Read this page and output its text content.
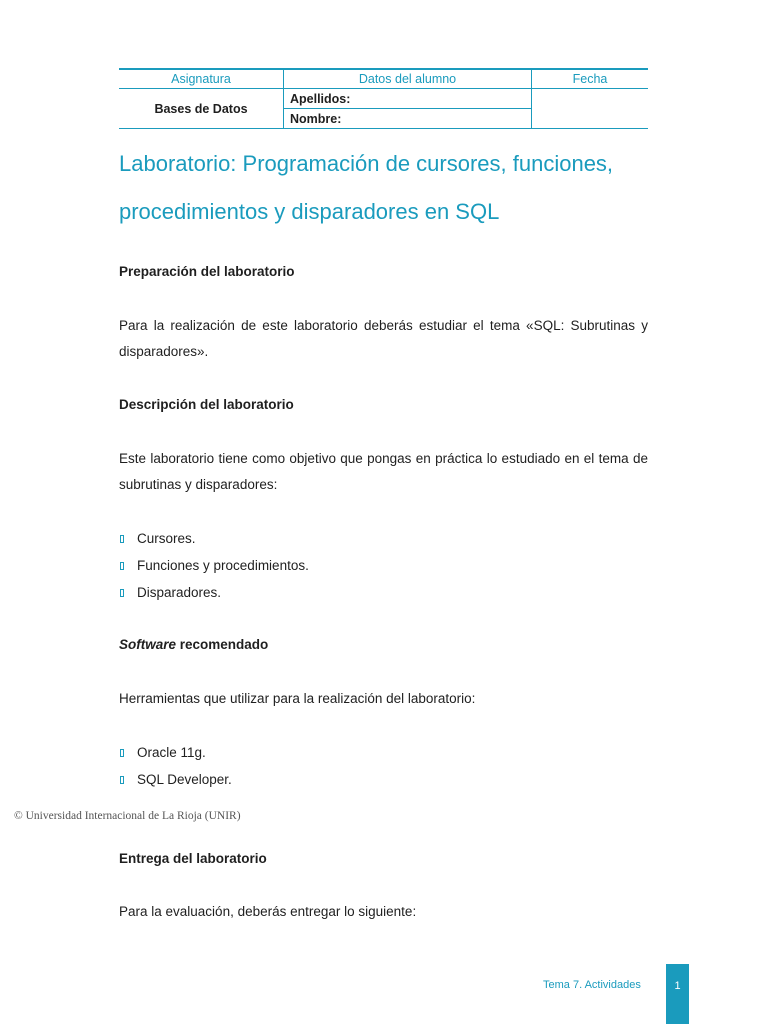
Asignatura	Datos del alumno	Fecha
Bases de Datos	Apellidos:	
	Nombre:	
Laboratorio: Programación de cursores, funciones,
procedimientos y disparadores en SQL
Preparación del laboratorio

Para la realización de este laboratorio deberás estudiar el tema «SQL: Subrutinas y disparadores».

Descripción del laboratorio

Este laboratorio tiene como objetivo que pongas en práctica lo estudiado en el tema de subrutinas y disparadores:

Cursores.
Funciones y procedimientos.
Disparadores.
Software recomendado

Herramientas que utilizar para la realización del laboratorio:

Oracle 11g.
SQL Developer.

© Universidad Internacional de La Rioja (UNIR)

Entrega del laboratorio

Para la evaluación, deberás entregar lo siguiente:

Tema 7. Actividades	1
